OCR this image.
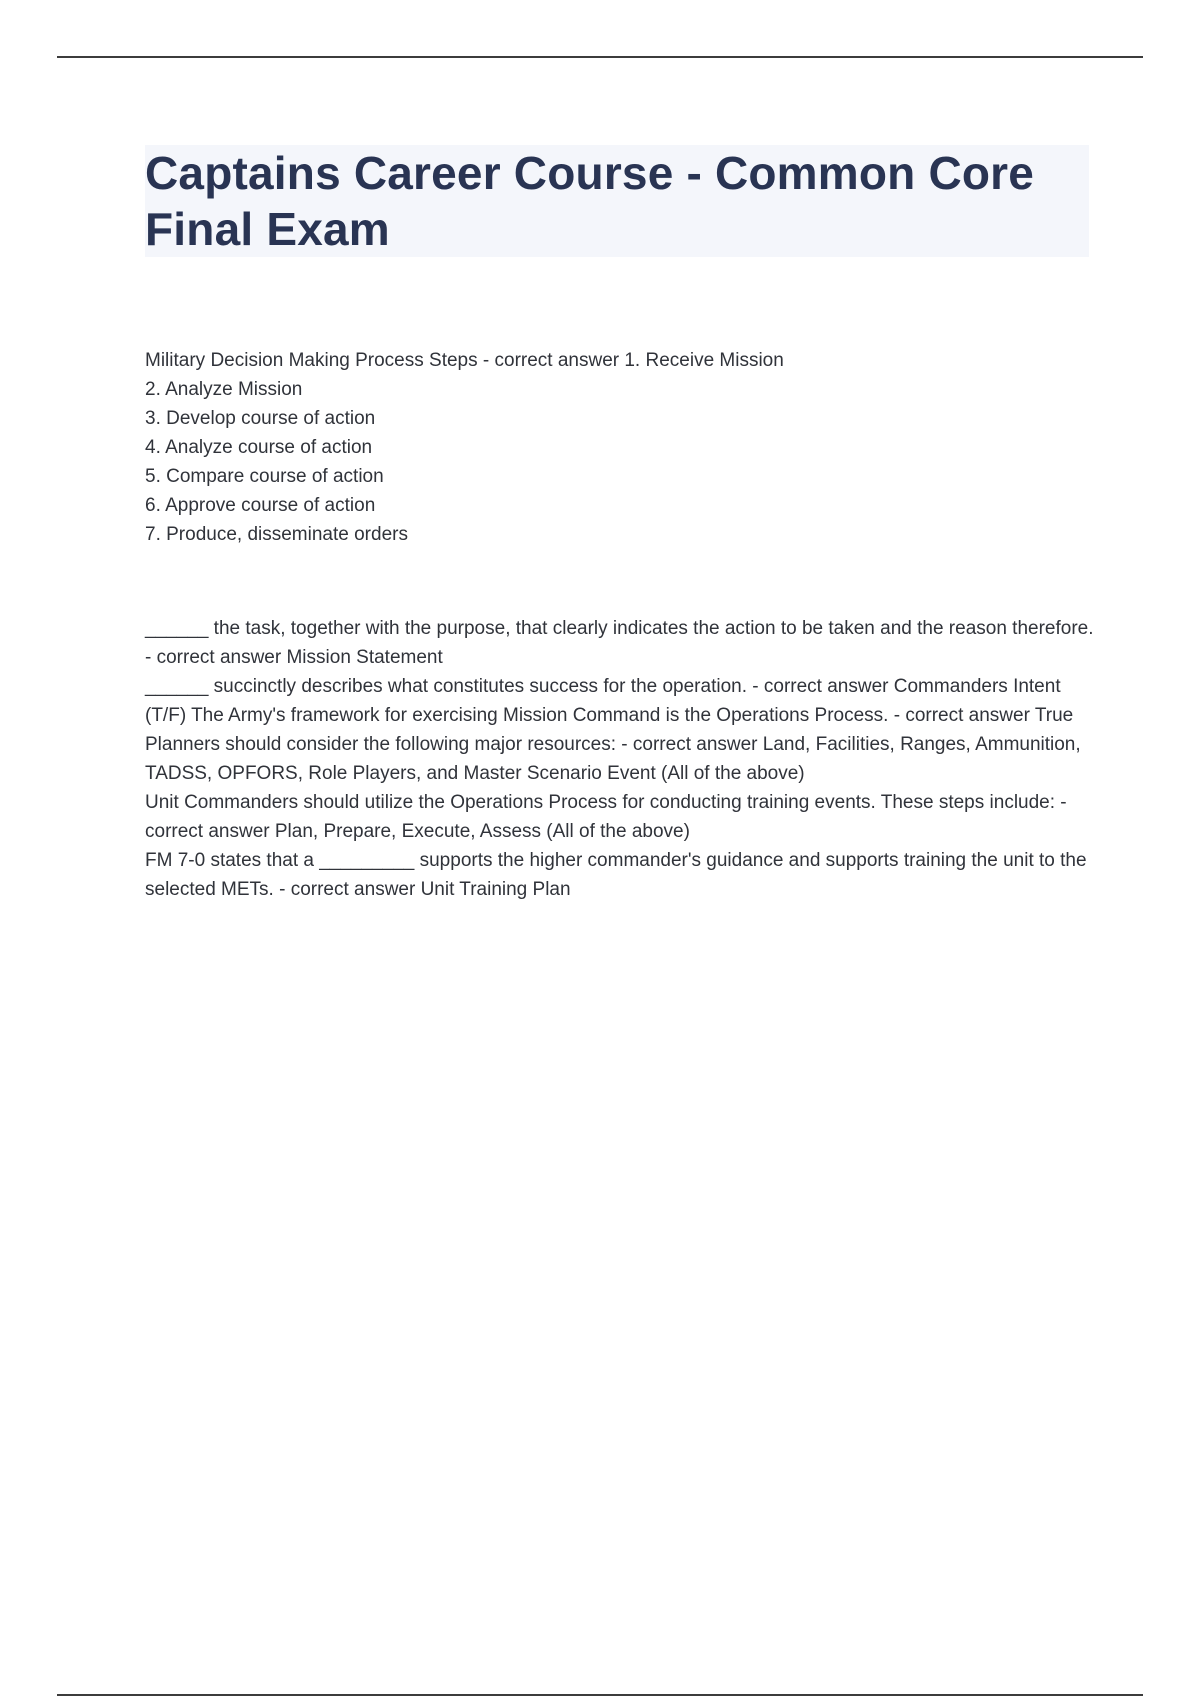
Captains Career Course - Common Core Final Exam

Military Decision Making Process Steps - correct answer 1. Receive Mission

2. Analyze Mission

3. Develop course of action

4. Analyze course of action

5. Compare course of action

6. Approve course of action

7. Produce, disseminate orders

______ the task, together with the purpose, that clearly indicates the action to be taken and the reason therefore. - correct answer Mission Statement

______ succinctly describes what constitutes success for the operation. - correct answer Commanders Intent

(T/F) The Army's framework for exercising Mission Command is the Operations Process. - correct answer True

Planners should consider the following major resources: - correct answer Land, Facilities, Ranges, Ammunition, TADSS, OPFORS, Role Players, and Master Scenario Event (All of the above)

Unit Commanders should utilize the Operations Process for conducting training events. These steps include: - correct answer Plan, Prepare, Execute, Assess (All of the above)

FM 7-0 states that a _________ supports the higher commander's guidance and supports training the unit to the selected METs. - correct answer Unit Training Plan
